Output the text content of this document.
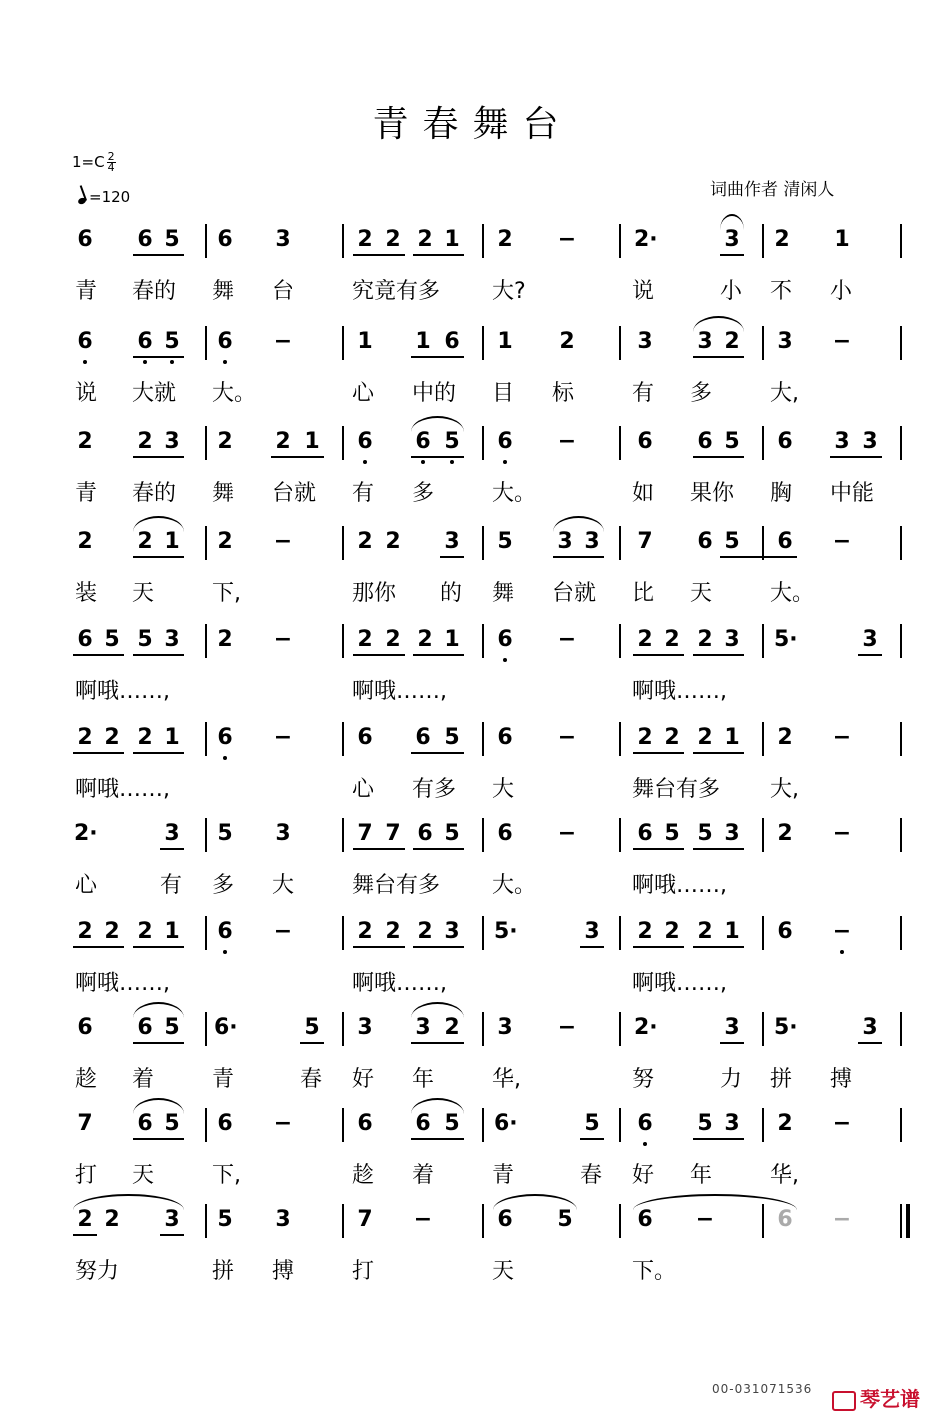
青春舞台
$1=C \frac{2}{4}$
=120	词曲作者 清闲人
6 6 5 6 3	2 2 2 1 2 −	2·	3 2 1
青 春的 舞 台	究竟有多 大?	说	小 不 小
6 6 5 6 −	1 1 6 1 2	3 3 2 3 −
说 大就 大。	心 中的 目 标	有 多	大,
2 2 3 2 2 1 6 6 5 6 −	6 6 5 6 3 3
青 春的 舞 台就 有 多	大。	如 果你 胸 中能
2 2 1 2 −	2 2 3 5 3 3 7 6 5 6 −
装 天	下,	那你 的 舞 台就 比 天	大。
6 5 5 3 2 −	2 2 2 1 6 −	2 2 2 3 5·	3
啊哦……,	啊哦……,	啊哦……,
2 2 2 1 6 −	6 6 5 6 −	2 2 2 1 2 −
啊哦……,	心 有多 大	舞台有多 大,
2·	3 5 3	7 7 6 5 6 −	6 5 5 3 2 −
心	有 多 大	舞台有多 大。	啊哦……,
2 2 2 1 6 −	2 2 2 3 5·	3 2 2 2 1 6 −
啊哦……,	啊哦……,	啊哦……,
6 6 5 6·	5 3 3 2 3 −	2·	3 5·	3
趁 着	青	春 好 年	华,	努	力 拼 搏
7 6 5 6 −	6 6 5 6·	5 6 5 3 2 −
打 天	下,	趁 着	青	春 好 年	华,
2 2 3 5 3	7 −	6 5	6 −	6 −
努力	拼 搏	打	天	下。
00-031071536	琴艺谱
